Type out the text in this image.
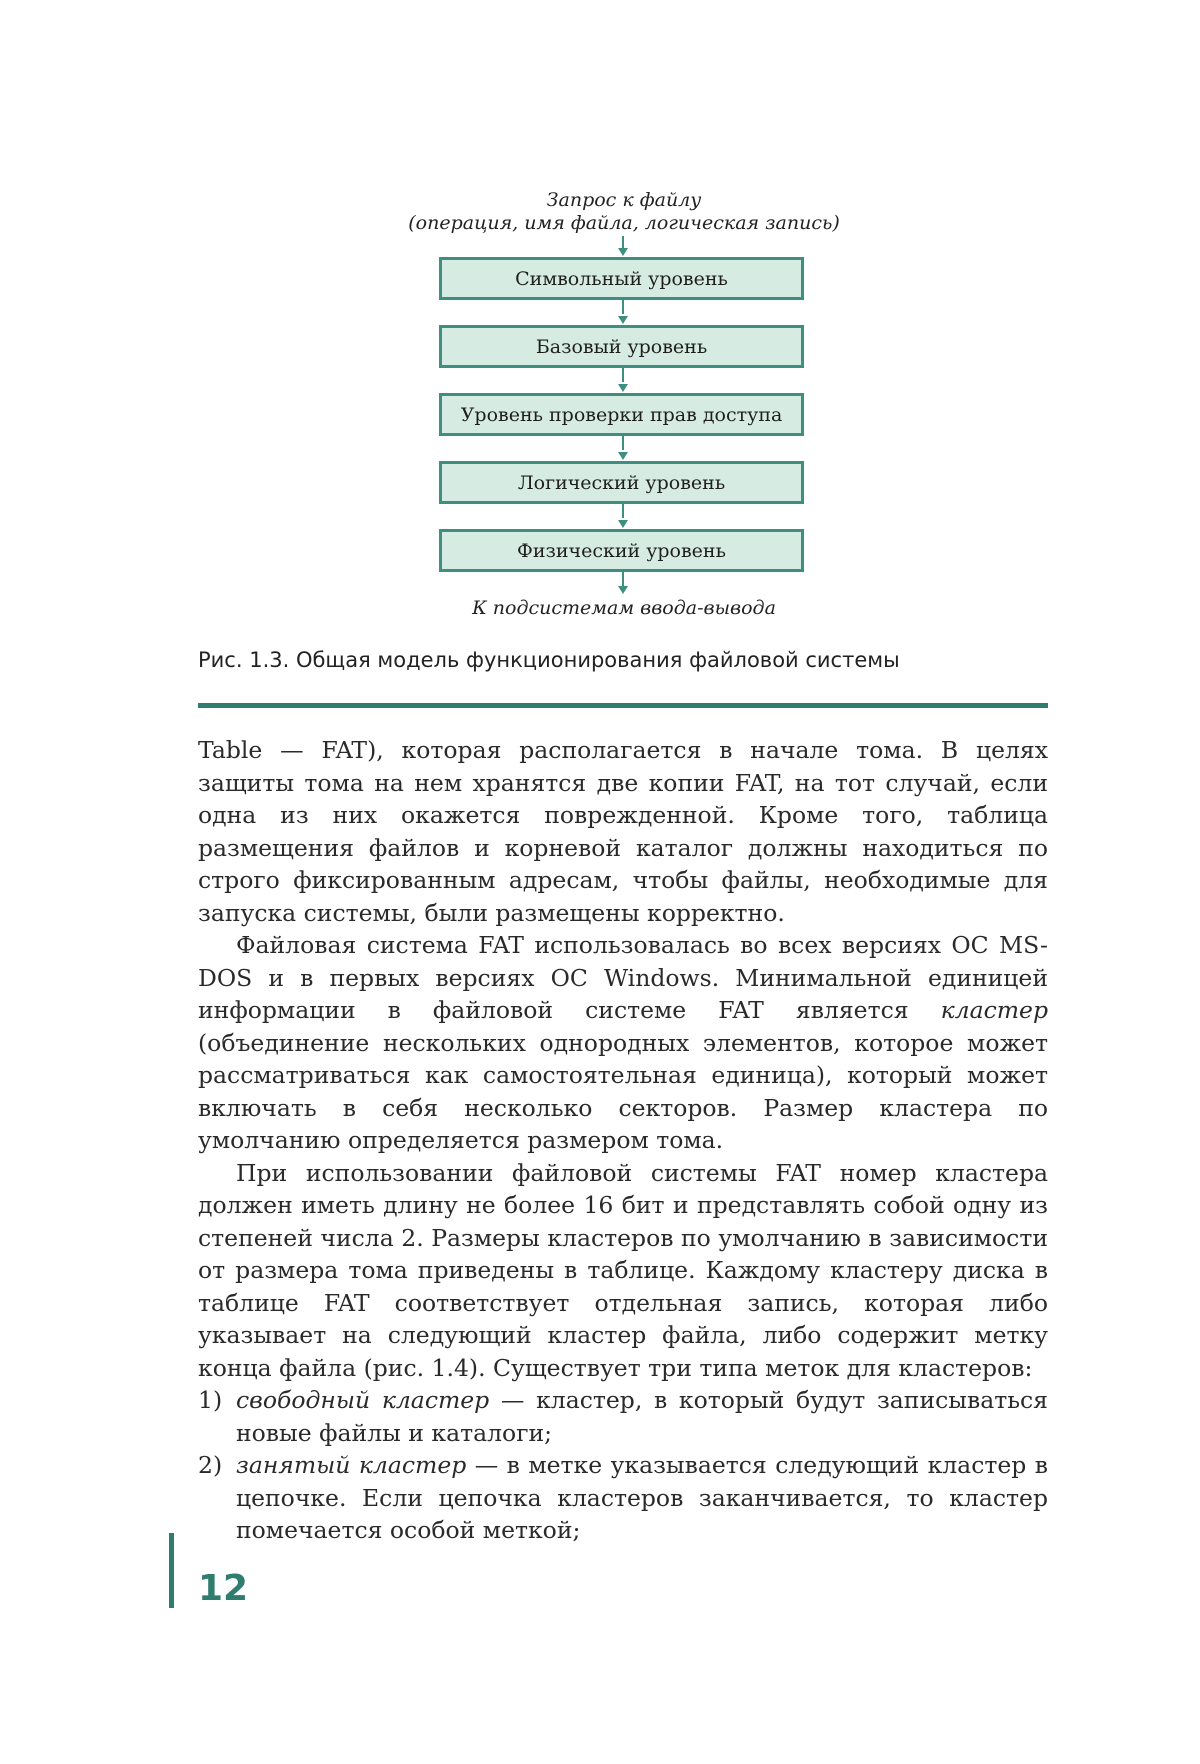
Запрос к файлу
(операция, имя файла, логическая запись)
Символьный уровень
Базовый уровень
Уровень проверки прав доступа
Логический уровень
Физический уровень
К подсистемам ввода-вывода
Рис. 1.3. Общая модель функционирования файловой системы

Table — FAT), которая располагается в начале тома. В целях защиты тома на нем хранятся две копии FAT, на тот случай, если одна из них окажется поврежденной. Кроме того, таблица размещения файлов и корневой каталог должны находиться по строго фиксированным адресам, чтобы файлы, необходимые для запуска системы, были размещены корректно.

Файловая система FAT использовалась во всех версиях ОС MS-DOS и в первых версиях ОС Windows. Минимальной единицей информации в файловой системе FAT является кластер (объединение нескольких однородных элементов, которое может рассматриваться как самостоятельная единица), который может включать в себя несколько секторов. Размер кластера по умолчанию определяется размером тома.

При использовании файловой системы FAT номер кластера должен иметь длину не более 16 бит и представлять собой одну из степеней числа 2. Размеры кластеров по умолчанию в зависимости от размера тома приведены в таблице. Каждому кластеру диска в таблице FAT соответствует отдельная запись, которая либо указывает на следующий кластер файла, либо содержит метку конца файла (рис. 1.4). Существует три типа меток для кластеров:

1) свободный кластер — кластер, в который будут записываться новые файлы и каталоги;
2) занятый кластер — в метке указывается следующий кластер в цепочке. Если цепочка кластеров заканчивается, то кластер помечается особой меткой;
12
